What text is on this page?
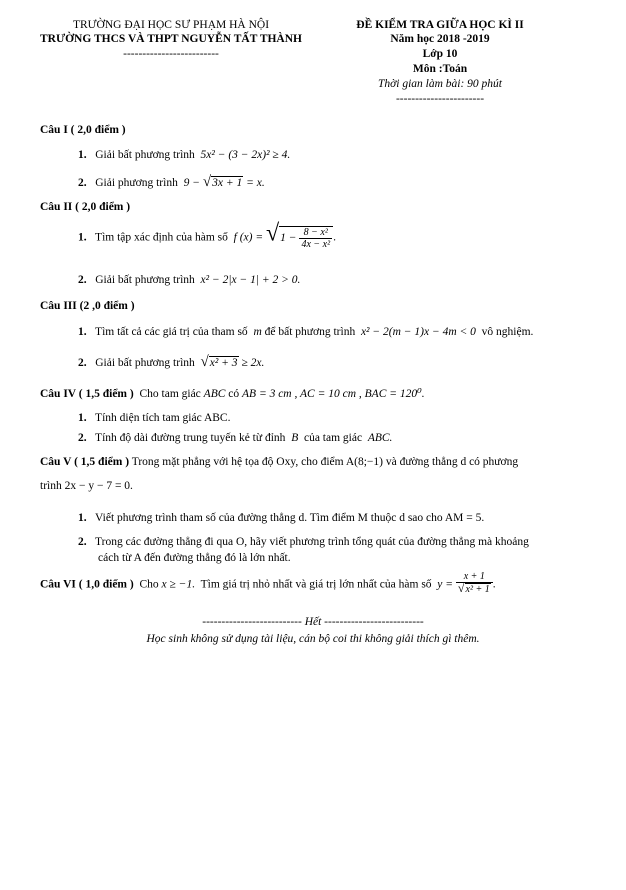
TRƯỜNG ĐẠI HỌC SƯ PHẠM HÀ NỘI
TRƯỜNG THCS VÀ THPT NGUYỄN TẤT THÀNH
-------------------------
ĐỀ KIỂM TRA GIỮA HỌC KÌ II
Năm học 2018 -2019
Lớp 10
Môn :Toán
Thời gian làm bài: 90 phút
-----------------------
Câu I ( 2,0 điểm )
1. Giải bất phương trình 5x² − (3 − 2x)² ≥ 4.
2. Giải phương trình 9 − √3x + 1 = x.
Câu II ( 2,0 điểm )
1. Tìm tập xác định của hàm số f $(x) = √1 - \frac{\text{8 − x²}}{\text{4x − x²}}$ .
2. Giải bất phương trình x² − 2|x − 1| + 2 > 0.
Câu III (2 ,0 điểm )
1. Tìm tất cả các giá trị của tham số m để bất phương trình x² − 2(m − 1)x − 4m < 0 vô nghiệm.
2. Giải bất phương trình √x² + 3 ≥ 2x.
Câu IV ( 1,5 điểm ) Cho tam giác ABC có AB = 3 cm , AC = 10 cm , BAC = 120⁰.
1. Tính diện tích tam giác ABC.
2. Tính độ dài đường trung tuyến kẻ từ đỉnh B của tam giác ABC.
Câu V ( 1,5 điểm ) Trong mặt phẳng với hệ tọa độ Oxy, cho điểm A(8;−1) và đường thẳng d có phương
trình 2x − y − 7 = 0.
1. Viết phương trình tham số của đường thẳng d. Tìm điểm M thuộc d sao cho AM = 5.
2. Trong các đường thẳng đi qua O, hãy viết phương trình tổng quát của đường thẳng mà khoảng
cách từ A đến đường thẳng đó là lớn nhất.
Câu VI ( 1,0 điểm ) Cho x ≥ −1. Tìm giá trị nhỏ nhất và giá trị lớn nhất của hàm số $y = \frac{x + 1}{\text{√x² + 1}}$ .
-------------------------- Hết --------------------------
Học sinh không sử dụng tài liệu, cán bộ coi thi không giải thích gì thêm.
